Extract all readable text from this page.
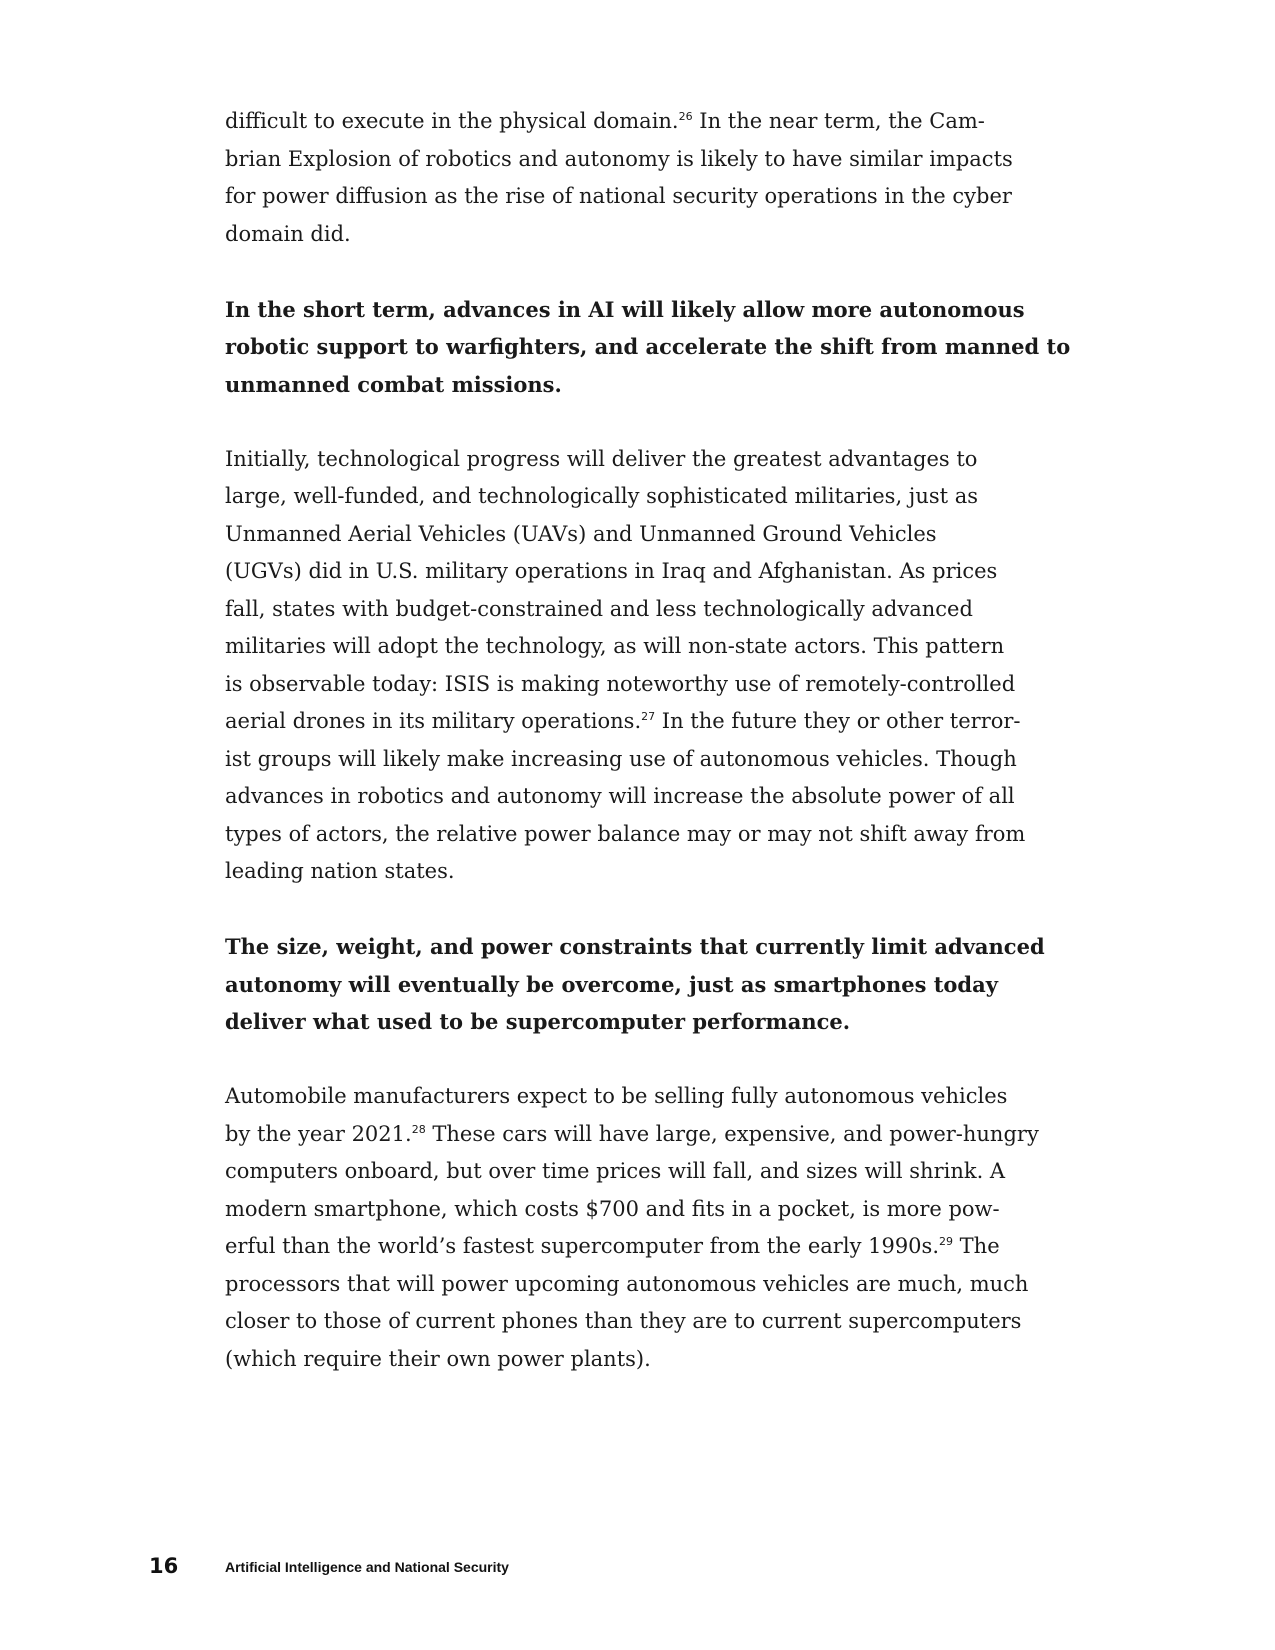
difficult to execute in the physical domain.$^{26}$ In the near term, the Cam-
brian Explosion of robotics and autonomy is likely to have similar impacts
for power diffusion as the rise of national security operations in the cyber
domain did.

In the short term, advances in AI will likely allow more autonomous
robotic support to warfighters, and accelerate the shift from manned to
unmanned combat missions.

Initially, technological progress will deliver the greatest advantages to
large, well-funded, and technologically sophisticated militaries, just as
Unmanned Aerial Vehicles (UAVs) and Unmanned Ground Vehicles
(UGVs) did in U.S. military operations in Iraq and Afghanistan. As prices
fall, states with budget-constrained and less technologically advanced
militaries will adopt the technology, as will non-state actors. This pattern
is observable today: ISIS is making noteworthy use of remotely-controlled
aerial drones in its military operations.$^{27}$ In the future they or other terror-
ist groups will likely make increasing use of autonomous vehicles. Though
advances in robotics and autonomy will increase the absolute power of all
types of actors, the relative power balance may or may not shift away from
leading nation states.

The size, weight, and power constraints that currently limit advanced
autonomy will eventually be overcome, just as smartphones today
deliver what used to be supercomputer performance.

Automobile manufacturers expect to be selling fully autonomous vehicles
by the year 2021.28 These cars will have large, expensive, and power-hungry
computers onboard, but over time prices will fall, and sizes will shrink. A
modern smartphone, which costs $700 and fits in a pocket, is more pow-
erful than the world’s fastest supercomputer from the early 1990s.$^{29}$ The
processors that will power upcoming autonomous vehicles are much, much
closer to those of current phones than they are to current supercomputers
(which require their own power plants).

16	Artificial Intelligence and National Security
